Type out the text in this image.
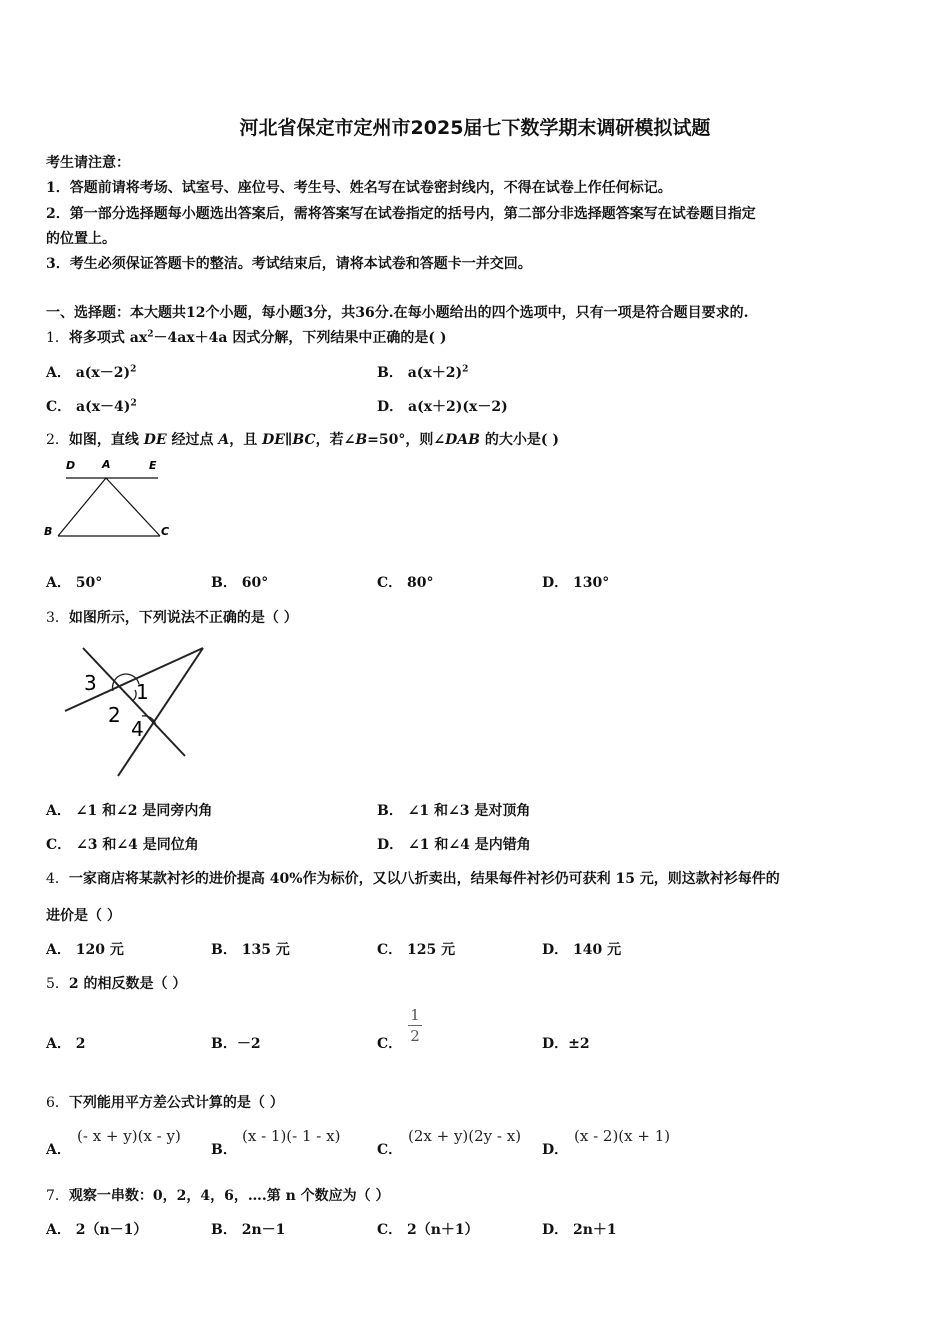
河北省保定市定州市2025届七下数学期末调研模拟试题
考生请注意：
1．答题前请将考场、试室号、座位号、考生号、姓名写在试卷密封线内，不得在试卷上作任何标记。
2．第一部分选择题每小题选出答案后，需将答案写在试卷指定的括号内，第二部分非选择题答案写在试卷题目指定
的位置上。
3．考生必须保证答题卡的整洁。考试结束后，请将本试卷和答题卡一并交回。
一、选择题：本大题共12个小题，每小题3分，共36分.在每小题给出的四个选项中，只有一项是符合题目要求的.
1．将多项式 $ax^2-4ax+4a$ 因式分解，下列结果中正确的是( )
A． $a(x-2)^2$	B． $a(x+2)^2$
C． $a(x-4)^2$	D． a(x＋2)(x－2)
2．如图，直线 DE 经过点 A，且 DE∥BC，若∠B=50°，则∠DAB 的大小是( )
D A	E
B	C
A． 50°	B． 60°	C． 80°	D． 130°
3．如图所示，下列说法不正确的是（ ）
3 1
2
4
A． ∠1 和∠2 是同旁内角	B． ∠1 和∠3 是对顶角
C． ∠3 和∠4 是同位角	D． ∠1 和∠4 是内错角
4．一家商店将某款衬衫的进价提高 40%作为标价，又以八折卖出，结果每件衬衫仍可获利 15 元，则这款衬衫每件的
进价是（ ）
A． 120 元	B． 135 元	C． 125 元	D． 140 元
5．2 的相反数是（ ）
A． 2	B．－2	C．
1
2	D．±2
6．下列能用平方差公式计算的是（ ）
A．
(- x + y)(x - y)
B．
(x - 1)(- 1 - x)
C．
(2x + y)(2y - x)
D．
(x - 2)(x + 1)
7．观察一串数：0，2，4，6，….第 n 个数应为（ ）
A． 2（n－1）	B． 2n－1	C． 2（n＋1）	D． 2n＋1
